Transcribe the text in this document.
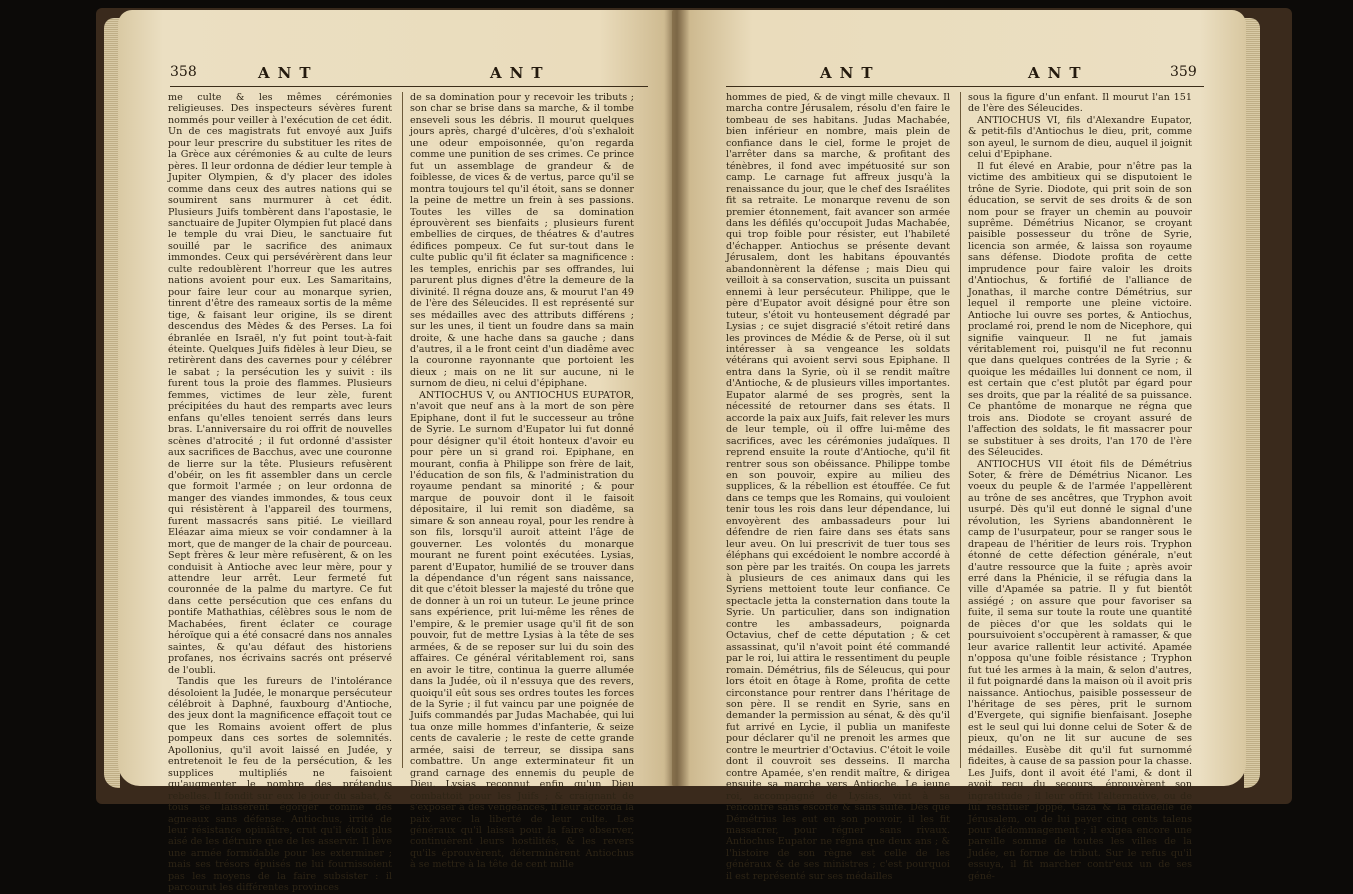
358	ANT	ANT

me culte & les mêmes cérémonies religieuses. Des inspecteurs sévères furent nommés pour veiller à l'exécution de cet édit. Un de ces magistrats fut envoyé aux Juifs pour leur prescrire du substituer les rites de la Grèce aux cérémonies & au culte de leurs pères. Il leur ordonna de dédier leur temple à Jupiter Olympien, & d'y placer des idoles comme dans ceux des autres nations qui se soumirent sans murmurer à cet édit. Plusieurs Juifs tombèrent dans l'apostasie, le sanctuaire de Jupiter Olympien fut placé dans le temple du vrai Dieu, le sanctuaire fut souillé par le sacrifice des animaux immondes. Ceux qui persévérèrent dans leur culte redoublèrent l'horreur que les autres nations avoient pour eux. Les Samaritains, pour faire leur cour au monarque syrien, tinrent d'être des rameaux sortis de la même tige, & faisant leur origine, ils se dirent descendus des Mèdes & des Perses. La foi ébranlée en Israël, n'y fut point tout-à-fait éteinte. Quelques Juifs fidèles à leur Dieu, se retirèrent dans des cavernes pour y célébrer le sabat ; la persécution les y suivit : ils furent tous la proie des flammes. Plusieurs femmes, victimes de leur zèle, furent précipitées du haut des remparts avec leurs enfans qu'elles tenoient serrés dans leurs bras. L'anniversaire du roi offrit de nouvelles scènes d'atrocité ; il fut ordonné d'assister aux sacrifices de Bacchus, avec une couronne de lierre sur la tête. Plusieurs refusèrent d'obéir, on les fit assembler dans un cercle que formoit l'armée ; on leur ordonna de manger des viandes immondes, & tous ceux qui résistèrent à l'appareil des tourmens, furent massacrés sans pitié. Le vieillard Eléazar aima mieux se voir condamner à la mort, que de manger de la chair de pourceau. Sept frères & leur mère refusèrent, & on les conduisit à Antioche avec leur mère, pour y attendre leur arrêt. Leur fermeté fut couronnée de la palme du martyre. Ce fut dans cette persécution que ces enfans du pontife Mathathias, célèbres sous le nom de Machabées, firent éclater ce courage héroïque qui a été consacré dans nos annales saintes, & qu'au défaut des historiens profanes, nos écrivains sacrés ont préservé de l'oubli.

Tandis que les fureurs de l'intolérance désoloient la Judée, le monarque persécuteur célébroit à Daphné, fauxbourg d'Antioche, des jeux dont la magnificence effaçoit tout ce que les Romains avoient offert de plus pompeux dans ces sortes de solemnités. Apollonius, qu'il avoit laissé en Judée, y entretenoit le feu de la persécution, & les supplices multipliés ne faisoient qu'augmenter le nombre des prétendus rebelles. Il fondit sur eux le jour du sabat, & tous se laissèrent égorger comme des agneaux sans défense. Antiochus, irrité de leur résistance opiniâtre, crut qu'il étoit plus aisé de les détruire que de les asservir. Il lève une armée formidable pour les exterminer ; mais ses trésors épuisés ne lui fournissoient pas les moyens de la faire subsister : il parcourut les différentes provinces

de sa domination pour y recevoir les tributs ; son char se brise dans sa marche, & il tombe enseveli sous les débris. Il mourut quelques jours après, chargé d'ulcères, d'où s'exhaloit une odeur empoisonnée, qu'on regarda comme une punition de ses crimes. Ce prince fut un assemblage de grandeur & de foiblesse, de vices & de vertus, parce qu'il se montra toujours tel qu'il étoit, sans se donner la peine de mettre un frein à ses passions. Toutes les villes de sa domination éprouvèrent ses bienfaits ; plusieurs furent embellies de cirques, de théatres & d'autres édifices pompeux. Ce fut sur-tout dans le culte public qu'il fit éclater sa magnificence : les temples, enrichis par ses offrandes, lui parurent plus dignes d'être la demeure de la divinité. Il régna douze ans, & mourut l'an 49 de l'ère des Séleucides. Il est représenté sur ses médailles avec des attributs différens ; sur les unes, il tient un foudre dans sa main droite, & une hache dans sa gauche ; dans d'autres, il a le front ceint d'un diadême avec la couronne rayonnante que portoient les dieux ; mais on ne lit sur aucune, ni le surnom de dieu, ni celui d'épiphane.

ANTIOCHUS V, ou ANTIOCHUS EUPATOR, n'avoit que neuf ans à la mort de son père Epiphane, dont il fut le successeur au trône de Syrie. Le surnom d'Eupator lui fut donné pour désigner qu'il étoit honteux d'avoir eu pour père un si grand roi. Epiphane, en mourant, confia à Philippe son frère de lait, l'éducation de son fils, & l'administration du royaume pendant sa minorité ; & pour marque de pouvoir dont il le faisoit dépositaire, il lui remit son diadême, sa simare & son anneau royal, pour les rendre à son fils, lorsqu'il auroit atteint l'âge de gouverner. Les volontés du monarque mourant ne furent point exécutées. Lysias, parent d'Eupator, humilié de se trouver dans la dépendance d'un régent sans naissance, dit que c'étoit blesser la majesté du trône que de donner à un roi un tuteur. Le jeune prince sans expérience, prit lui-même les rênes de l'empire, & le premier usage qu'il fit de son pouvoir, fut de mettre Lysias à la tête de ses armées, & de se reposer sur lui du soin des affaires. Ce général véritablement roi, sans en avoir le titre, continua la guerre allumée dans la Judée, où il n'essuya que des revers, quoiqu'il eût sous ses ordres toutes les forces de la Syrie ; il fut vaincu par une poignée de Juifs commandés par Judas Machabée, qui lui tua onze mille hommes d'infanterie, & seize cents de cavalerie ; le reste de cette grande armée, saisi de terreur, se dissipa sans combattre. Un ange exterminateur fit un grand carnage des ennemis du peuple de Dieu. Lysias reconnut enfin qu'un Dieu combattoit pour les Juifs ; & craignant de s'exposer à des vengeances, il leur accorda la paix avec la liberté de leur culte. Les généraux qu'il laissa pour la faire observer, continuèrent leurs hostilités, & les revers qu'ils éprouvèrent, déterminèrent Antiochus à se mettre à la tête de cent mille

ANT	ANT	359

hommes de pied, & de vingt mille chevaux. Il marcha contre Jérusalem, résolu d'en faire le tombeau de ses habitans. Judas Machabée, bien inférieur en nombre, mais plein de confiance dans le ciel, forme le projet de l'arrêter dans sa marche, & profitant des ténèbres, il fond avec impétuosité sur son camp. Le carnage fut affreux jusqu'à la renaissance du jour, que le chef des Israélites fit sa retraite. Le monarque revenu de son premier étonnement, fait avancer son armée dans les défilés qu'occupoit Judas Machabée, qui trop foible pour résister, eut l'habileté d'échapper. Antiochus se présente devant Jérusalem, dont les habitans épouvantés abandonnèrent la défense ; mais Dieu qui veilloit à sa conservation, suscita un puissant ennemi à leur persécuteur. Philippe, que le père d'Eupator avoit désigné pour être son tuteur, s'étoit vu honteusement dégradé par Lysias ; ce sujet disgracié s'étoit retiré dans les provinces de Médie & de Perse, où il sut intéresser à sa vengeance les soldats vétérans qui avoient servi sous Epiphane. Il entra dans la Syrie, où il se rendit maître d'Antioche, & de plusieurs villes importantes. Eupator alarmé de ses progrès, sent la nécessité de retourner dans ses états. Il accorde la paix aux Juifs, fait relever les murs de leur temple, où il offre lui-même des sacrifices, avec les cérémonies judaïques. Il reprend ensuite la route d'Antioche, qu'il fit rentrer sous son obéissance. Philippe tombe en son pouvoir, expire au milieu des supplices, & la rébellion est étouffée. Ce fut dans ce temps que les Romains, qui vouloient tenir tous les rois dans leur dépendance, lui envoyèrent des ambassadeurs pour lui défendre de rien faire dans ses états sans leur aveu. On lui prescrivit de tuer tous ses éléphans qui excédoient le nombre accordé à son père par les traités. On coupa les jarrets à plusieurs de ces animaux dans qui les Syriens mettoient toute leur confiance. Ce spectacle jetta la consternation dans toute la Syrie. Un particulier, dans son indignation contre les ambassadeurs, poignarda Octavius, chef de cette députation ; & cet assassinat, qu'il n'avoit point été commandé par le roi, lui attira le ressentiment du peuple romain. Démétrius, fils de Séleucus, qui pour lors étoit en ôtage à Rome, profita de cette circonstance pour rentrer dans l'héritage de son père. Il se rendit en Syrie, sans en demander la permission au sénat, & dès qu'il fut arrivé en Lycie, il publia un manifeste pour déclarer qu'il ne prenoit les armes que contre le meurtrier d'Octavius. C'étoit le voile dont il couvroit ses desseins. Il marcha contre Apamée, s'en rendit maître, & dirigea ensuite sa marche vers Antioche. Le jeune roi, accompagné de Lysias, vint à sa rencontre sans escorte & sans suite. Dès que Démétrius les eut en son pouvoir, il les fit massacrer, pour régner sans rivaux. Antiochus Eupator ne régna que deux ans ; & l'histoire de son règne est celle de les généraux & de ses ministres ; c'est pourquoi il est représenté sur ses médailles

sous la figure d'un enfant. Il mourut l'an 151 de l'ère des Séleucides.

ANTIOCHUS VI, fils d'Alexandre Eupator, & petit-fils d'Antiochus le dieu, prit, comme son ayeul, le surnom de dieu, auquel il joignit celui d'Epiphane.

Il fut élevé en Arabie, pour n'être pas la victime des ambitieux qui se disputoient le trône de Syrie. Diodote, qui prit soin de son éducation, se servit de ses droits & de son nom pour se frayer un chemin au pouvoir suprême. Démétrius Nicanor, se croyant paisible possesseur du trône de Syrie, licencia son armée, & laissa son royaume sans défense. Diodote profita de cette imprudence pour faire valoir les droits d'Antiochus, & fortifié de l'alliance de Jonathas, il marche contre Démétrius, sur lequel il remporte une pleine victoire. Antioche lui ouvre ses portes, & Antiochus, proclamé roi, prend le nom de Nicephore, qui signifie vainqueur. Il ne fut jamais véritablement roi, puisqu'il ne fut reconnu que dans quelques contrées de la Syrie ; & quoique les médailles lui donnent ce nom, il est certain que c'est plutôt par égard pour ses droits, que par la réalité de sa puissance. Ce phantôme de monarque ne régna que trois ans. Diodote se croyant assuré de l'affection des soldats, le fit massacrer pour se substituer à ses droits, l'an 170 de l'ère des Séleucides.

ANTIOCHUS VII étoit fils de Démétrius Soter, & frère de Démétrius Nicanor. Les voeux du peuple & de l'armée l'appellèrent au trône de ses ancêtres, que Tryphon avoit usurpé. Dès qu'il eut donné le signal d'une révolution, les Syriens abandonnèrent le camp de l'usurpateur, pour se ranger sous le drapeau de l'héritier de leurs rois. Tryphon étonné de cette défection générale, n'eut d'autre ressource que la fuite ; après avoir erré dans la Phénicie, il se réfugia dans la ville d'Apamée sa patrie. Il y fut bientôt assiégé ; on assure que pour favoriser sa fuite, il sema sur toute la route une quantité de pièces d'or que les soldats qui le poursuivoient s'occupèrent à ramasser, & que leur avarice rallentit leur activité. Apamée n'opposa qu'une foible résistance ; Tryphon fut tué les armes à la main, & selon d'autres, il fut poignardé dans la maison où il avoit pris naissance. Antiochus, paisible possesseur de l'héritage de ses pères, prit le surnom d'Evergete, qui signifie bienfaisant. Josephe est le seul qui lui donne celui de Soter & de pieux, qu'on ne lit sur aucune de ses médailles. Eusèbe dit qu'il fut surnommé fideites, à cause de sa passion pour la chasse. Les Juifs, dont il avoit été l'ami, & dont il avoit reçu du secours, éprouvèrent son ingratitude ; il leur offrit l'alternative, ou de lui restituer Joppé, Gaza & la citadelle de Jérusalem, ou de lui payer cinq cents talens pour dédommagement ; il exigea encore une pareille somme de toutes les villes de la Judée, en forme de tribut. Sur le refus qu'il essuya, il fit marcher contr'eux un de ses géné-
